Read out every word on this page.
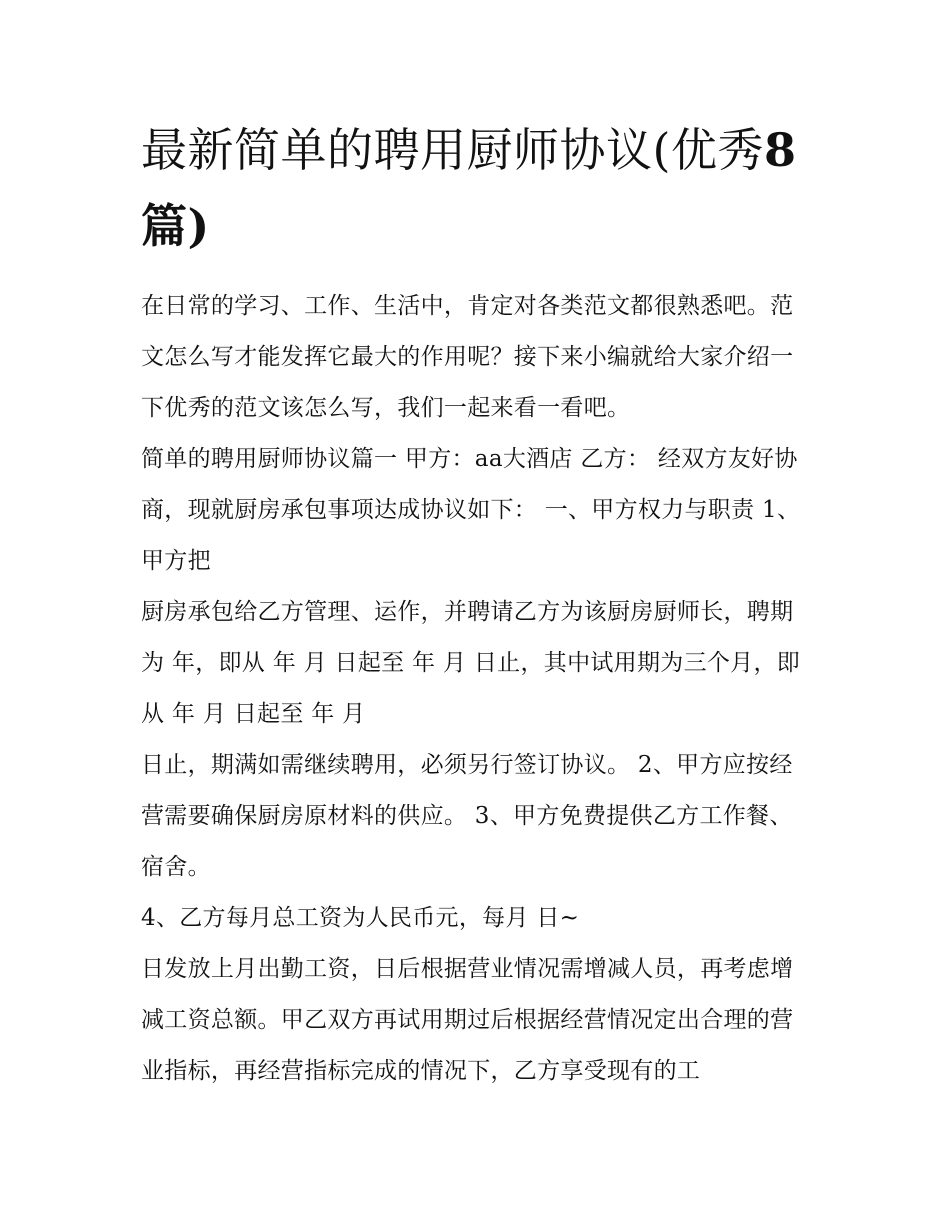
最新简单的聘用厨师协议(优秀8篇)

在日常的学习、工作、生活中，肯定对各类范文都很熟悉吧。范文怎么写才能发挥它最大的作用呢？接下来小编就给大家介绍一下优秀的范文该怎么写，我们一起来看一看吧。

简单的聘用厨师协议篇一 甲方：aa大酒店 乙方： 经双方友好协商，现就厨房承包事项达成协议如下： 一、甲方权力与职责 1、甲方把

厨房承包给乙方管理、运作，并聘请乙方为该厨房厨师长，聘期为 年，即从 年 月 日起至 年 月 日止，其中试用期为三个月，即从 年 月 日起至 年 月

日止，期满如需继续聘用，必须另行签订协议。 2、甲方应按经营需要确保厨房原材料的供应。 3、甲方免费提供乙方工作餐、宿舍。

4、乙方每月总工资为人民币元，每月 日~

日发放上月出勤工资，日后根据营业情况需增减人员，再考虑增减工资总额。甲乙双方再试用期过后根据经营情况定出合理的营业指标，再经营指标完成的情况下，乙方享受现有的工
